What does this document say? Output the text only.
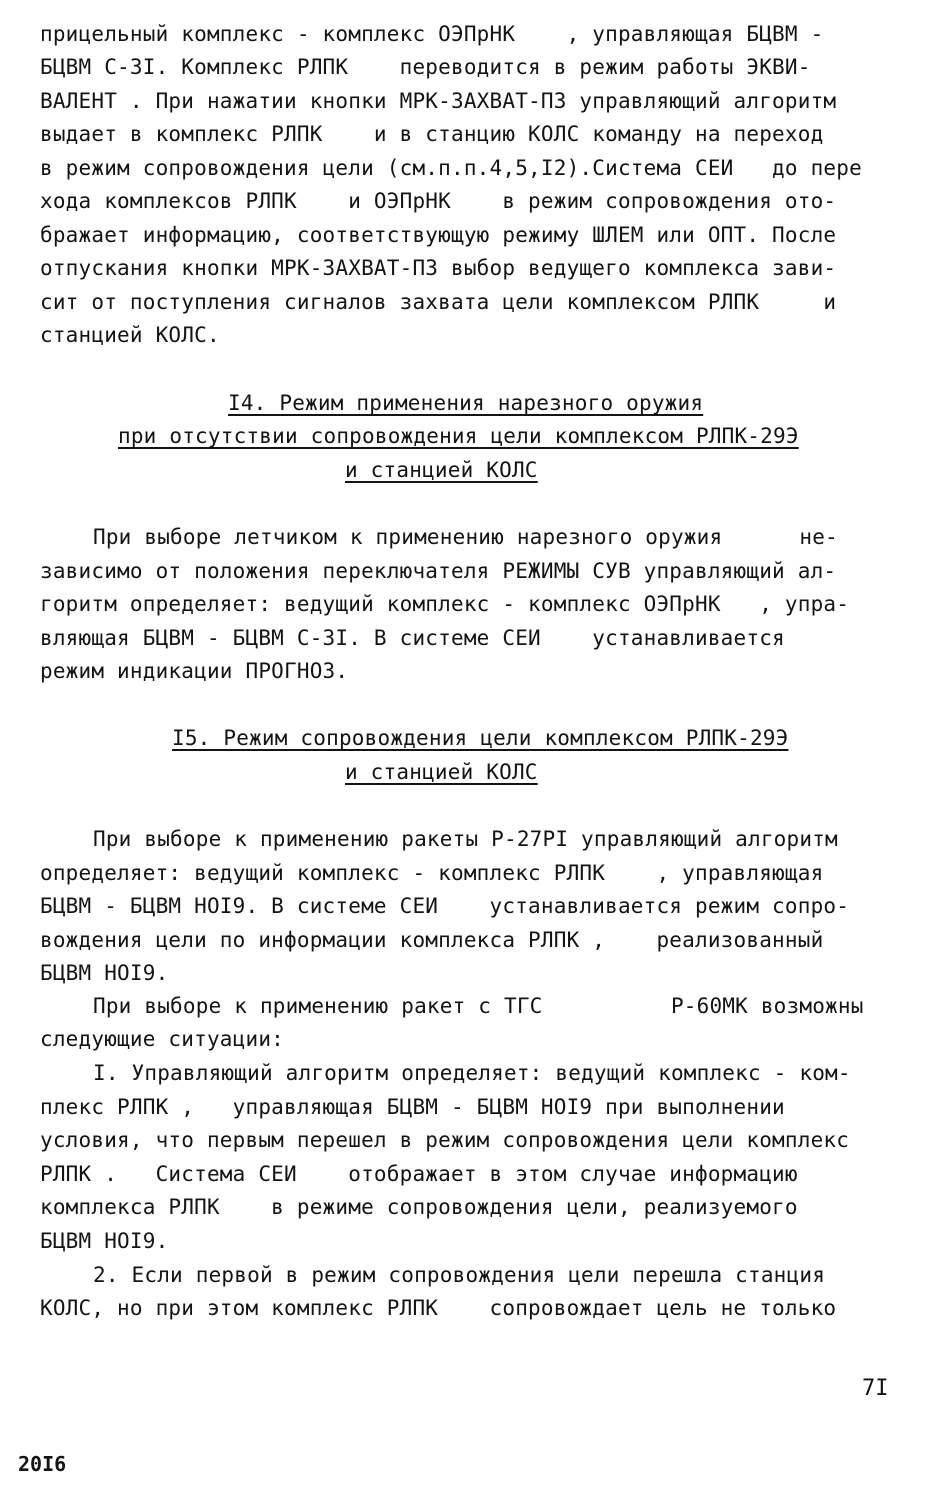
прицельный комплекс - комплекс ОЭПрНК    , управляющая БЦВМ -
БЦВМ С-3I. Комплекс РЛПК    переводится в режим работы ЭКВИ-
ВАЛЕНТ . При нажатии кнопки МРК-ЗАХВАТ-ПЗ управляющий алгоритм
выдает в комплекс РЛПК    и в станцию КОЛС команду на переход
в режим сопровождения цели (см.п.п.4,5,I2).Система СЕИ   до пере
хода комплексов РЛПК    и ОЭПрНК    в режим сопровождения ото-
бражает информацию, соответствующую режиму ШЛЕМ или ОПТ. После
отпускания кнопки МРК-ЗАХВАТ-ПЗ выбор ведущего комплекса зави-
сит от поступления сигналов захвата цели комплексом РЛПК     и
станцией КОЛС.
I4. Режим применения нарезного оружия
при отсутствии сопровождения цели комплексом РЛПК-29Э
и станцией КОЛС
При выборе летчиком к применению нарезного оружия      не-
зависимо от положения переключателя РЕЖИМЫ СУВ управляющий ал-
горитм определяет: ведущий комплекс - комплекс ОЭПрНК   , упра-
вляющая БЦВМ - БЦВМ С-3I. В системе СЕИ    устанавливается
режим индикации ПРОГНОЗ.
I5. Режим сопровождения цели комплексом РЛПК-29Э
и станцией КОЛС
При выборе к применению ракеты Р-27РI управляющий алгоритм
определяет: ведущий комплекс - комплекс РЛПК    , управляющая
БЦВМ - БЦВМ НОI9. В системе СЕИ    устанавливается режим сопро-
вождения цели по информации комплекса РЛПК ,    реализованный
БЦВМ НОI9.
При выборе к применению ракет с ТГС          Р-60МК возможны
следующие ситуации:
I. Управляющий алгоритм определяет: ведущий комплекс - ком-
плекс РЛПК ,   управляющая БЦВМ - БЦВМ НОI9 при выполнении
условия, что первым перешел в режим сопровождения цели комплекс
РЛПК .   Система СЕИ    отображает в этом случае информацию
комплекса РЛПК    в режиме сопровождения цели, реализуемого
БЦВМ НОI9.
2. Если первой в режим сопровождения цели перешла станция
КОЛС, но при этом комплекс РЛПК    сопровождает цель не только
7I
20I6
